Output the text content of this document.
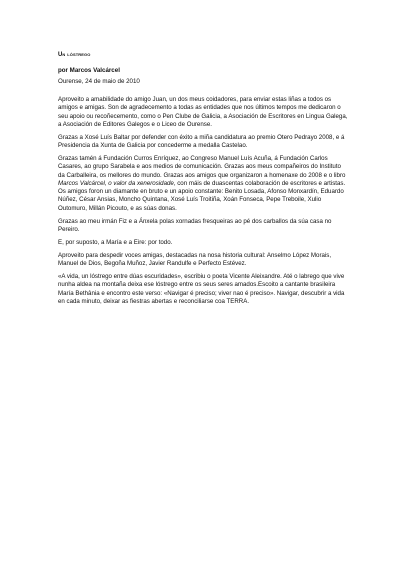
Un lóstrego
por Marcos Valcárcel
Ourense, 24 de maio de 2010

Aproveito a amabilidade do amigo Juan, un dos meus coidadores, para enviar estas liñas a todos os amigos e amigas. Son de agradecemento a todas as entidades que nos últimos tempos me dedicaron o seu apoio ou recoñecemento, como o Pen Clube de Galicia, a Asociación de Escritores en Lingua Galega, a Asociación de Editores Galegos e o Liceo de Ourense.

Grazas a Xosé Luís Baltar por defender con éxito a miña candidatura ao premio Otero Pedrayo 2008, e á Presidencia da Xunta de Galicia por concederme a medalla Castelao.

Grazas tamén á Fundación Curros Enríquez, ao Congreso Manuel Luís Acuña, á Fundación Carlos Casares, ao grupo Sarabela e aos medios de comunicación. Grazas aos meus compañeiros do Instituto da Carballeira, os mellores do mundo. Grazas aos amigos que organizaron a homenaxe do 2008 e o libro Marcos Valcárcel, o valor da xenerosidade, con máis de duascentas colaboración de escritores e artistas. Os amigos foron un diamante en bruto e un apoio constante: Benito Losada, Afonso Monxardín, Eduardo Núñez, César Ansias, Moncho Quintana, Xosé Luís Troitiña, Xoán Fonseca, Pepe Treboile, Xulio Outomuro, Millán Picouto, e as súas donas.

Grazas ao meu irmán Fiz e a Ánxela polas xornadas fresqueiras ao pé dos carballos da súa casa no Pereiro.

E, por suposto, a María e a Eire: por todo.

Aproveito para despedir voces amigas, destacadas na nosa historia cultural: Anselmo López Morais, Manuel de Dios, Begoña Muñoz, Javier Randulfe e Perfecto Estévez.

«A vida, un lóstrego entre dúas escuridades», escribiu o poeta Vicente Aleixandre. Até o labrego que vive nunha aldea na montaña deixa ese lóstrego entre os seus seres amados.Escoito a cantante brasileira María Bethânia e encontro este verso: «Navigar é preciso; viver nao é preciso». Navigar, descubrir a vida en cada minuto, deixar as fiestras abertas e reconciliarse coa TERRA.
